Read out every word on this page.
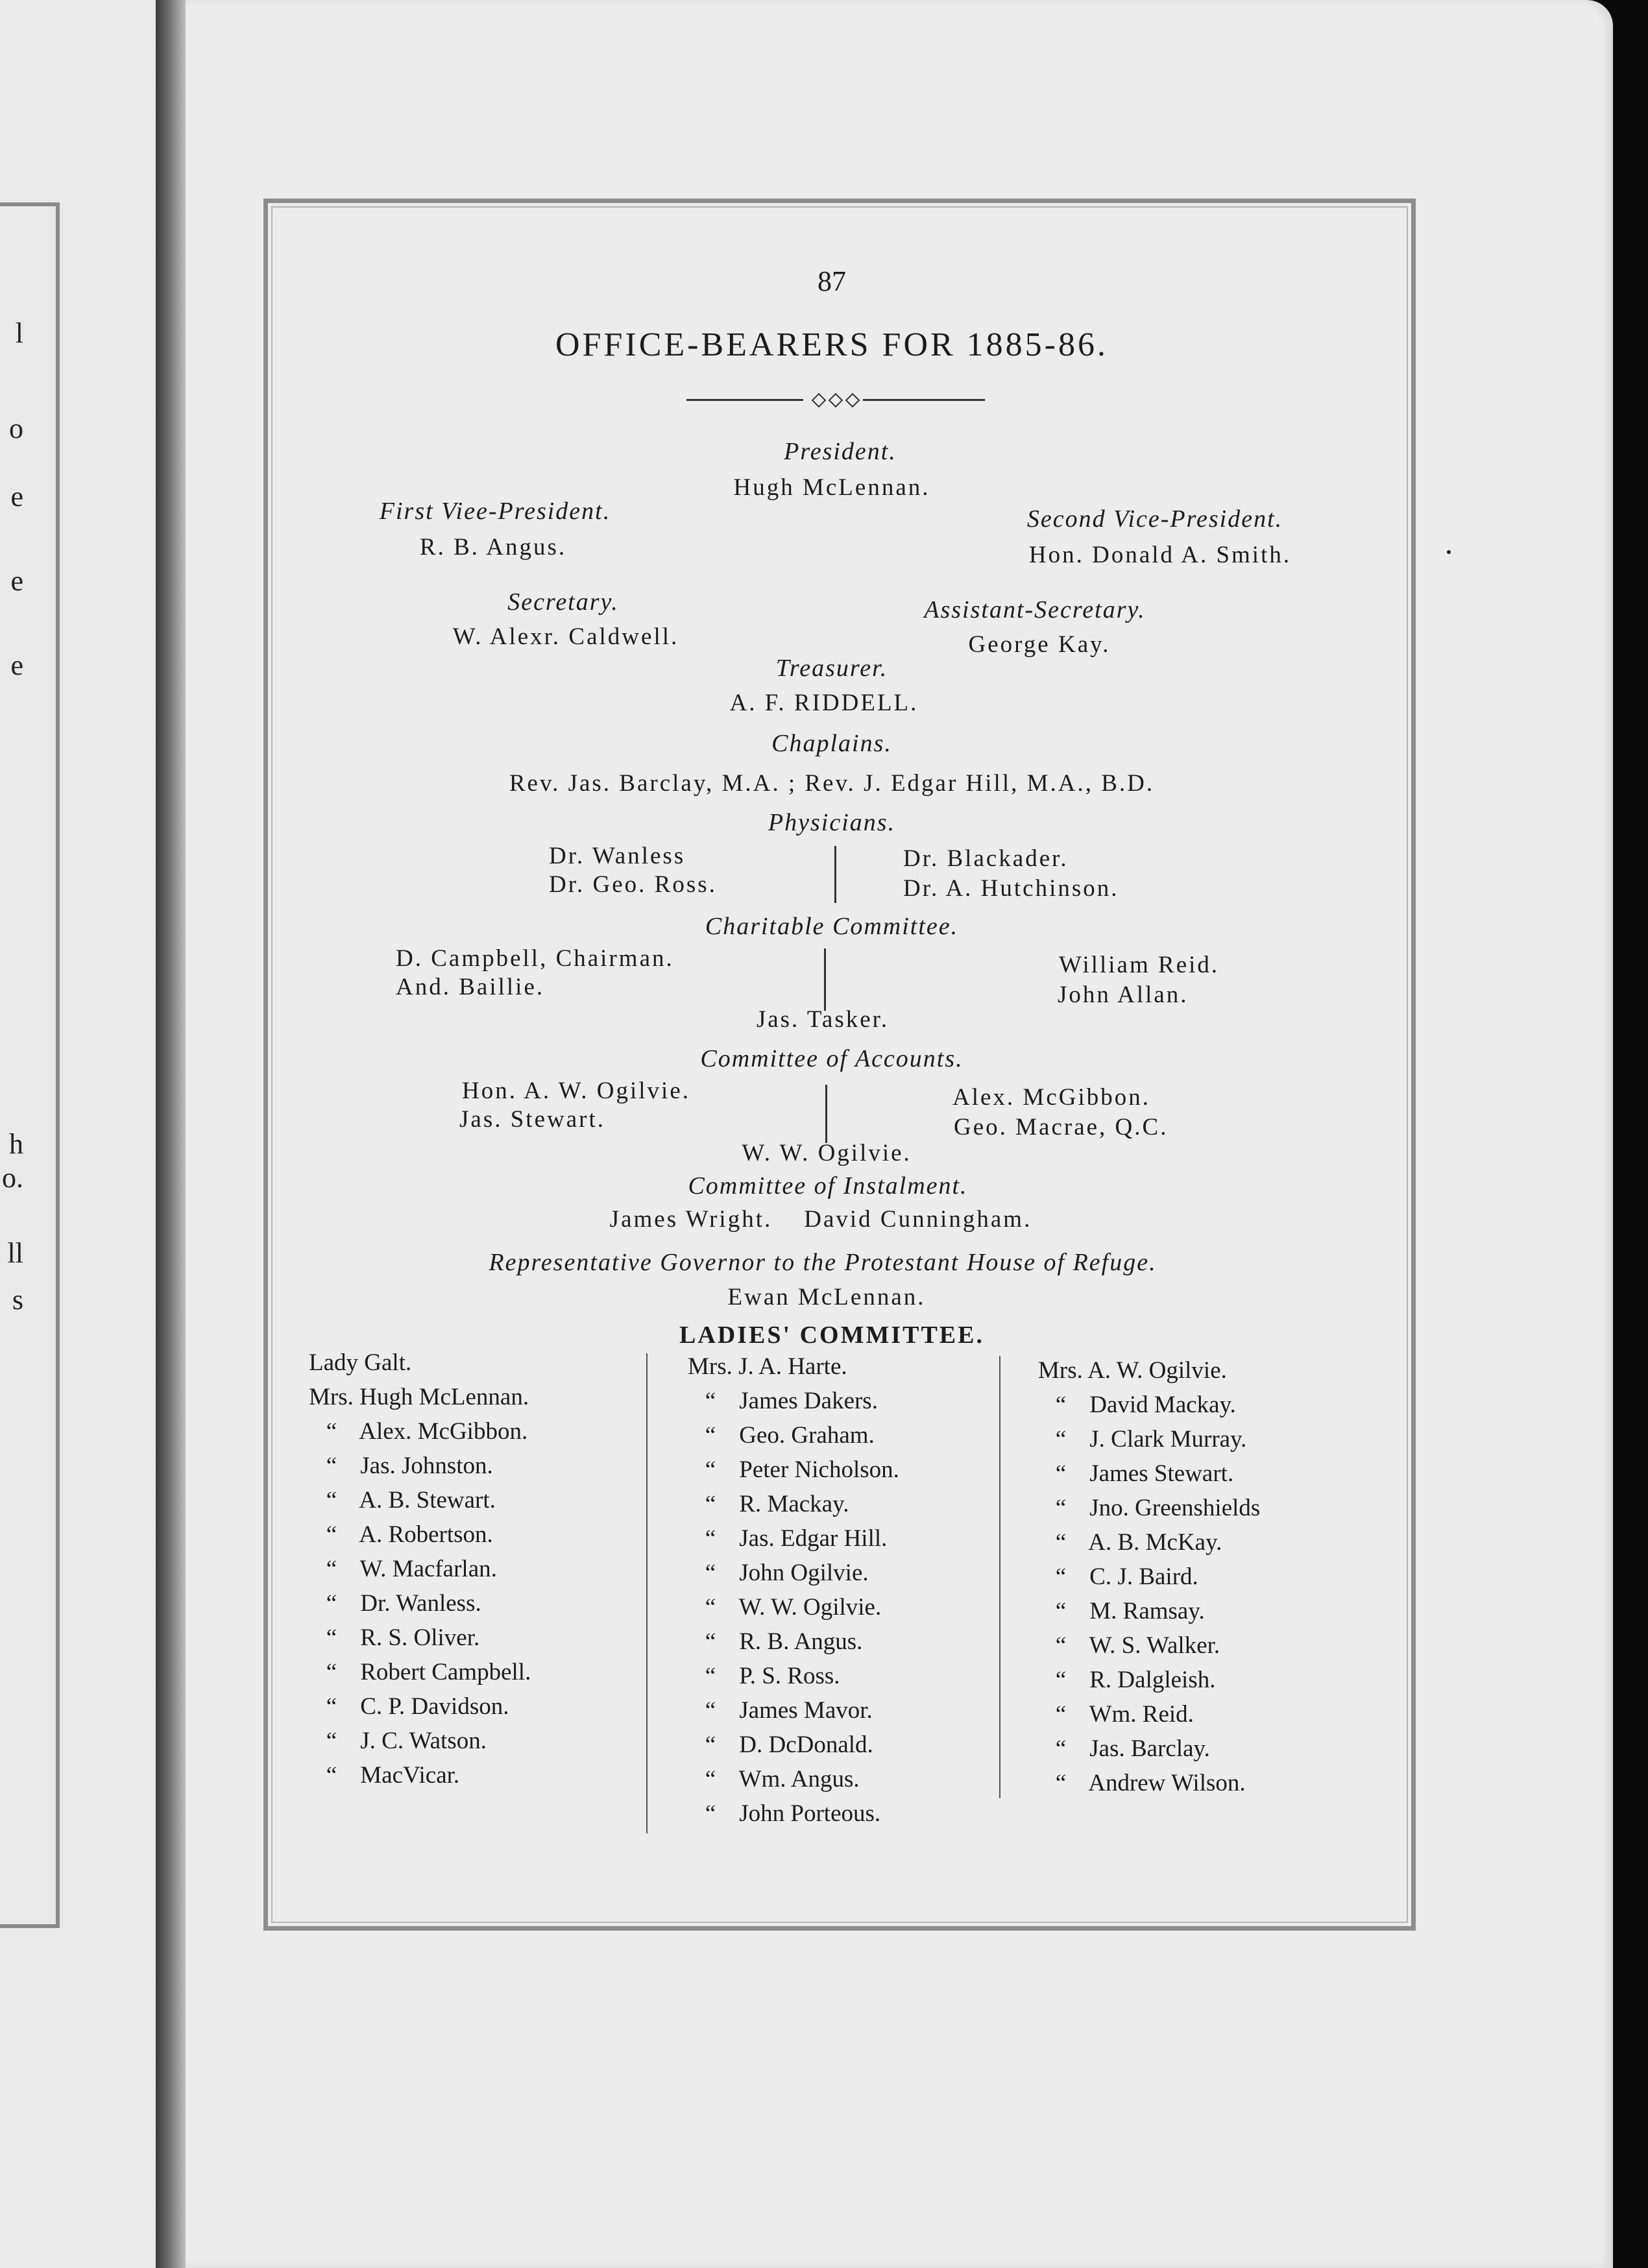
l
o
e
e
e
h
o.
ll
s
87
OFFICE-BEARERS FOR 1885-86.
President.
Hugh McLennan.
First Viee-President.
R. B. Angus.
Second Vice-President.
Hon. Donald A. Smith.
Secretary.
W. Alexr. Caldwell.
Assistant-Secretary.
George Kay.
Treasurer.
A. F. RIDDELL.
Chaplains.
Rev. Jas. Barclay, M.A. ; Rev. J. Edgar Hill, M.A., B.D.
Physicians.
Dr. Wanless
Dr. Geo. Ross.
Dr. Blackader.
Dr. A. Hutchinson.
Charitable Committee.
D. Campbell, Chairman.
And. Baillie.
William Reid.
John Allan.
Jas. Tasker.
Committee of Accounts.
Hon. A. W. Ogilvie.
Jas. Stewart.
Alex. McGibbon.
Geo. Macrae, Q.C.
W. W. Ogilvie.
Committee of Instalment.
James Wright.    David Cunningham.
Representative Governor to the Protestant House of Refuge.
Ewan McLennan.
LADIES' COMMITTEE.
Lady Galt.
Mrs. Hugh McLennan.
“ Alex. McGibbon.
“ Jas. Johnston.
“ A. B. Stewart.
“ A. Robertson.
“ W. Macfarlan.
“ Dr. Wanless.
“ R. S. Oliver.
“ Robert Campbell.
“ C. P. Davidson.
“ J. C. Watson.
“ MacVicar.
Mrs. J. A. Harte.
“ James Dakers.
“ Geo. Graham.
“ Peter Nicholson.
“ R. Mackay.
“ Jas. Edgar Hill.
“ John Ogilvie.
“ W. W. Ogilvie.
“ R. B. Angus.
“ P. S. Ross.
“ James Mavor.
“ D. DcDonald.
“ Wm. Angus.
“ John Porteous.
Mrs. A. W. Ogilvie.
“ David Mackay.
“ J. Clark Murray.
“ James Stewart.
“ Jno. Greenshields
“ A. B. McKay.
“ C. J. Baird.
“ M. Ramsay.
“ W. S. Walker.
“ R. Dalgleish.
“ Wm. Reid.
“ Jas. Barclay.
“ Andrew Wilson.
